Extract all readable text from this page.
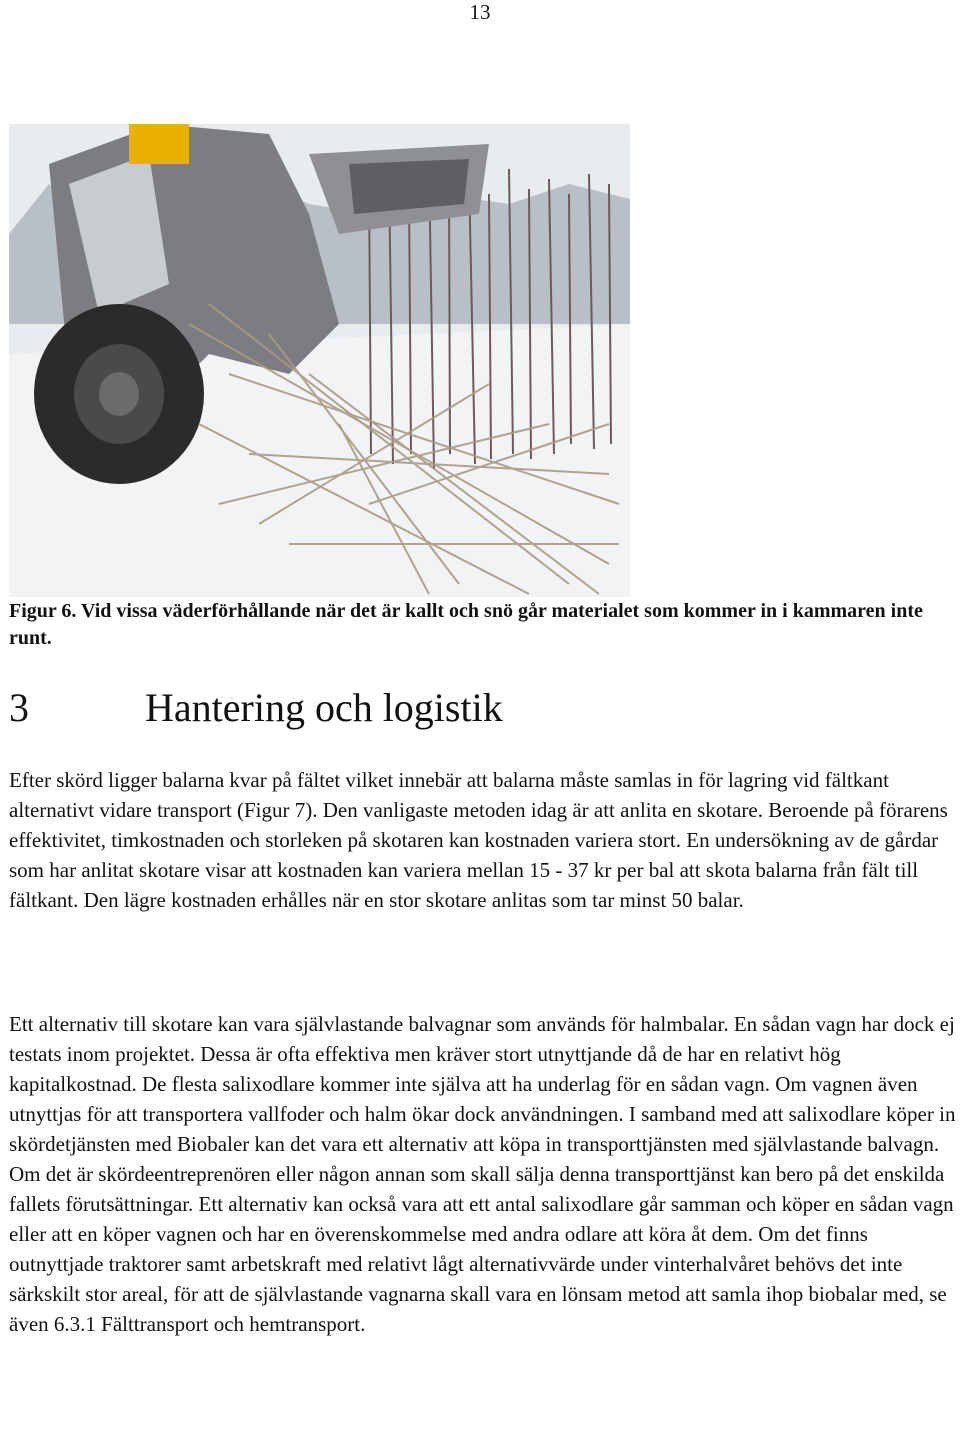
13
Figur 6. Vid vissa väderförhållande när det är kallt och snö går materialet som kommer in i kammaren inte runt.
3	Hantering och logistik

Efter skörd ligger balarna kvar på fältet vilket innebär att balarna måste samlas in för lagring vid fältkant alternativt vidare transport (Figur 7). Den vanligaste metoden idag är att anlita en skotare. Beroende på förarens effektivitet, timkostnaden och storleken på skotaren kan kostnaden variera stort. En undersökning av de gårdar som har anlitat skotare visar att kostnaden kan variera mellan 15 - 37 kr per bal att skota balarna från fält till fältkant. Den lägre kostnaden erhålles när en stor skotare anlitas som tar minst 50 balar.

Ett alternativ till skotare kan vara självlastande balvagnar som används för halmbalar. En sådan vagn har dock ej testats inom projektet. Dessa är ofta effektiva men kräver stort utnyttjande då de har en relativt hög kapitalkostnad. De flesta salixodlare kommer inte själva att ha underlag för en sådan vagn. Om vagnen även utnyttjas för att transportera vallfoder och halm ökar dock användningen. I samband med att salixodlare köper in skördetjänsten med Biobaler kan det vara ett alternativ att köpa in transporttjänsten med självlastande balvagn. Om det är skördeentreprenören eller någon annan som skall sälja denna transporttjänst kan bero på det enskilda fallets förutsättningar. Ett alternativ kan också vara att ett antal salixodlare går samman och köper en sådan vagn eller att en köper vagnen och har en överenskommelse med andra odlare att köra åt dem. Om det finns outnyttjade traktorer samt arbetskraft med relativt lågt alternativvärde under vinterhalvåret behövs det inte särkskilt stor areal, för att de självlastande vagnarna skall vara en lönsam metod att samla ihop biobalar med, se även 6.3.1 Fälttransport och hemtransport.
